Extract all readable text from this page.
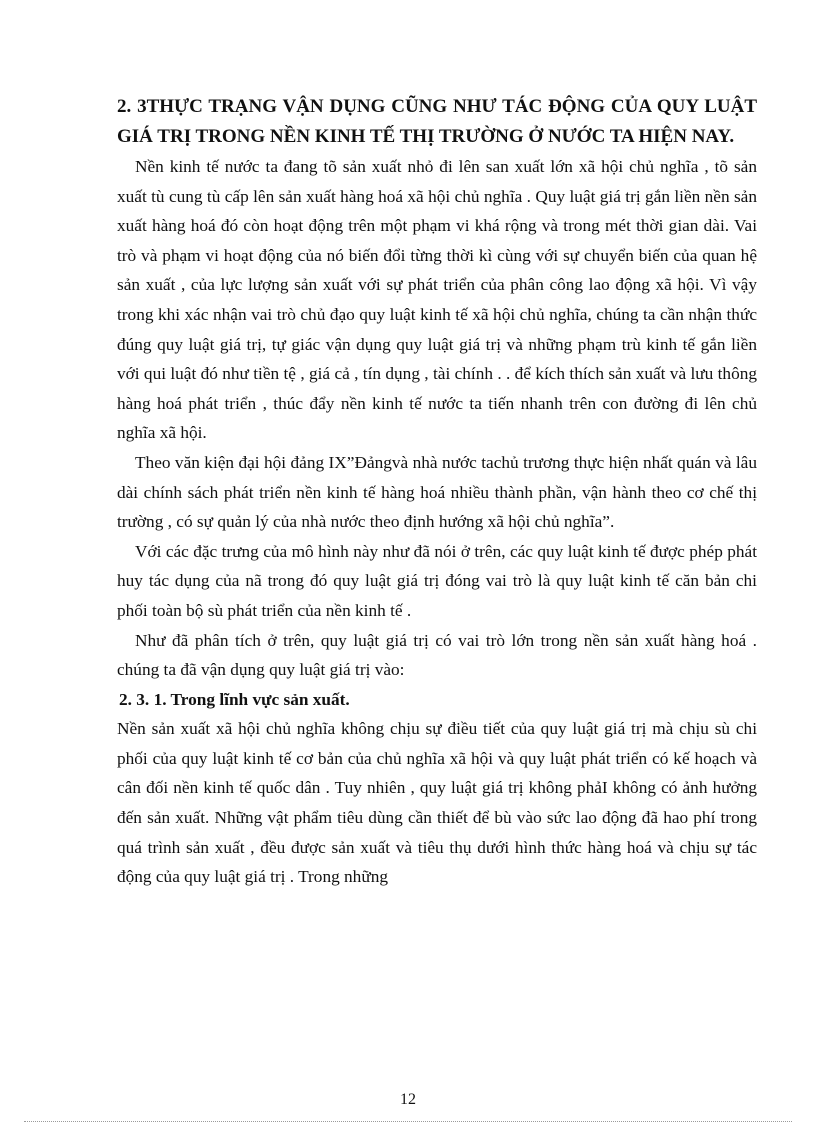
2. 3THỰC TRẠNG VẬN DỤNG CŨNG NHƯ TÁC ĐỘNG CỦA QUY LUẬT GIÁ TRỊ TRONG NỀN KINH TẾ THỊ TRƯỜNG Ở NƯỚC TA HIỆN NAY.

Nền kinh tế nước ta đang tõ sản xuất nhỏ đi lên san xuất lớn xã hội chủ nghĩa , tõ sản xuất tù cung tù cấp lên sản xuất hàng hoá xã hội chủ nghĩa . Quy luật giá trị gắn liền nền sản xuất hàng hoá đó còn hoạt động trên một phạm vi khá rộng và trong mét thời gian dài. Vai trò và phạm vi hoạt động của nó biến đổi từng thời kì cùng với sự chuyển biến của quan hệ sản xuất , của lực lượng sản xuất với sự phát triển của phân công lao động xã hội. Vì vậy trong khi xác nhận vai trò chủ đạo quy luật kinh tế xã hội chủ nghĩa, chúng ta cần nhận thức đúng quy luật giá trị, tự giác vận dụng quy luật giá trị và những phạm trù kinh tế gắn liền với qui luật đó như tiền tệ , giá cả , tín dụng , tài chính . . để kích thích sản xuất và lưu thông hàng hoá phát triển , thúc đẩy nền kinh tế nước ta tiến nhanh trên con đường đi lên chủ nghĩa xã hội.

Theo văn kiện đại hội đảng IX”Đảngvà nhà nước tachủ trương thực hiện nhất quán và lâu dài chính sách phát triển nền kinh tế hàng hoá nhiều thành phần, vận hành theo cơ chế thị trường , có sự quản lý của nhà nước theo định hướng xã hội chủ nghĩa”.

Với các đặc trưng của mô hình này như đã nói ở trên, các quy luật kinh tế được phép phát huy tác dụng của nã trong đó quy luật giá trị đóng vai trò là quy luật kinh tế căn bản chi phối toàn bộ sù phát triển của nền kinh tế .

Như đã phân tích ở trên, quy luật giá trị có vai trò lớn trong nền sản xuất hàng hoá . chúng ta đã vận dụng quy luật giá trị vào:

2. 3. 1. Trong lĩnh vực sản xuất.

Nền sản xuất xã hội chủ nghĩa không chịu sự điều tiết của quy luật giá trị mà chịu sù chi phối của quy luật kinh tế cơ bản của chủ nghĩa xã hội và quy luật phát triển có kế hoạch và cân đối nền kinh tế quốc dân . Tuy nhiên , quy luật giá trị không phảI không có ảnh hưởng đến sản xuất. Những vật phẩm tiêu dùng cần thiết để bù vào sức lao động đã hao phí trong quá trình sản xuất , đều được sản xuất và tiêu thụ dưới hình thức hàng hoá và chịu sự tác động của quy luật giá trị . Trong những

12
